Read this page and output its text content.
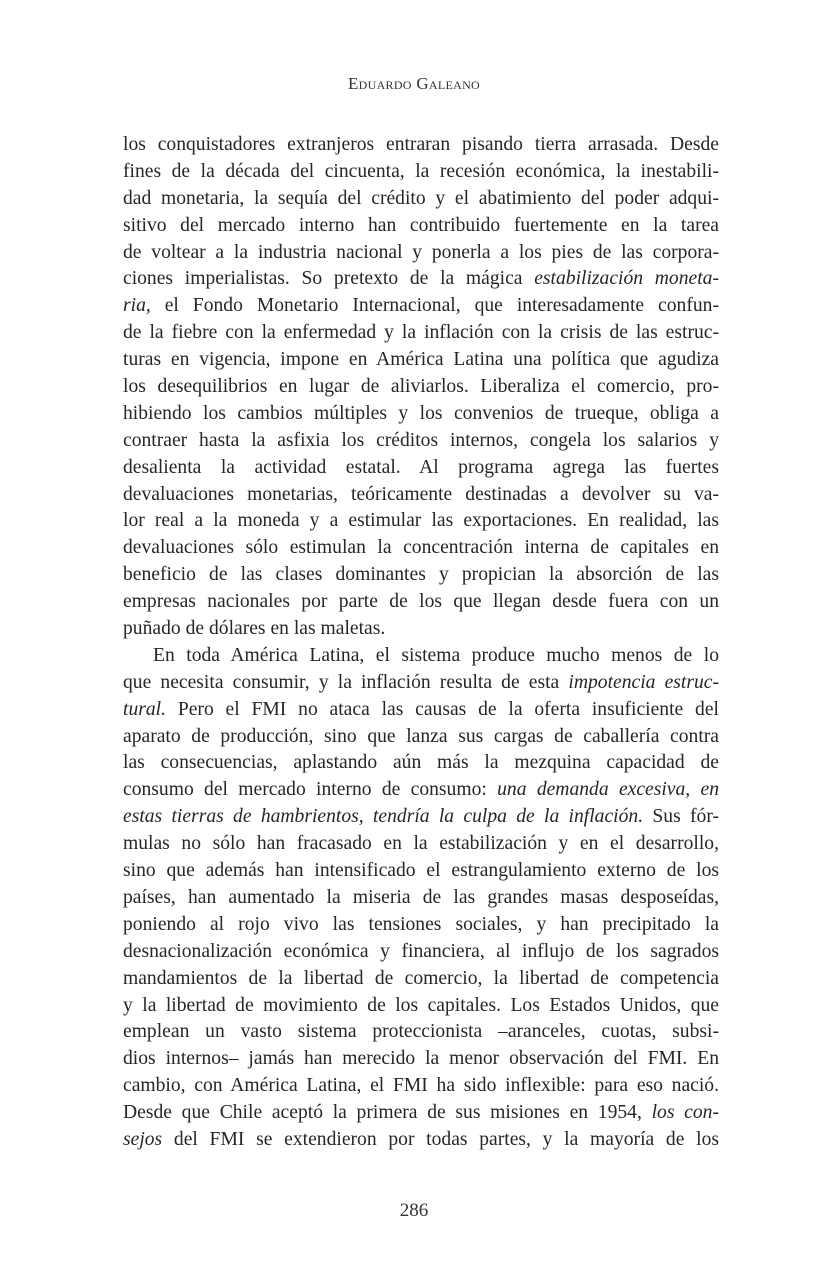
Eduardo Galeano
los conquistadores extranjeros entraran pisando tierra arrasada. Desde
fines de la década del cincuenta, la recesión económica, la inestabili-
dad monetaria, la sequía del crédito y el abatimiento del poder adqui-
sitivo del mercado interno han contribuido fuertemente en la tarea
de voltear a la industria nacional y ponerla a los pies de las corpora-
ciones imperialistas. So pretexto de la mágica estabilización moneta-
ria, el Fondo Monetario Internacional, que interesadamente confun-
de la fiebre con la enfermedad y la inflación con la crisis de las estruc-
turas en vigencia, impone en América Latina una política que agudiza
los desequilibrios en lugar de aliviarlos. Liberaliza el comercio, pro-
hibiendo los cambios múltiples y los convenios de trueque, obliga a
contraer hasta la asfixia los créditos internos, congela los salarios y
desalienta la actividad estatal. Al programa agrega las fuertes
devaluaciones monetarias, teóricamente destinadas a devolver su va-
lor real a la moneda y a estimular las exportaciones. En realidad, las
devaluaciones sólo estimulan la concentración interna de capitales en
beneficio de las clases dominantes y propician la absorción de las
empresas nacionales por parte de los que llegan desde fuera con un
puñado de dólares en las maletas.
En toda América Latina, el sistema produce mucho menos de lo
que necesita consumir, y la inflación resulta de esta impotencia estruc-
tural. Pero el FMI no ataca las causas de la oferta insuficiente del
aparato de producción, sino que lanza sus cargas de caballería contra
las consecuencias, aplastando aún más la mezquina capacidad de
consumo del mercado interno de consumo: una demanda excesiva, en
estas tierras de hambrientos, tendría la culpa de la inflación. Sus fór-
mulas no sólo han fracasado en la estabilización y en el desarrollo,
sino que además han intensificado el estrangulamiento externo de los
países, han aumentado la miseria de las grandes masas desposeídas,
poniendo al rojo vivo las tensiones sociales, y han precipitado la
desnacionalización económica y financiera, al influjo de los sagrados
mandamientos de la libertad de comercio, la libertad de competencia
y la libertad de movimiento de los capitales. Los Estados Unidos, que
emplean un vasto sistema proteccionista –aranceles, cuotas, subsi-
dios internos– jamás han merecido la menor observación del FMI. En
cambio, con América Latina, el FMI ha sido inflexible: para eso nació.
Desde que Chile aceptó la primera de sus misiones en 1954, los con-
sejos del FMI se extendieron por todas partes, y la mayoría de los
286
